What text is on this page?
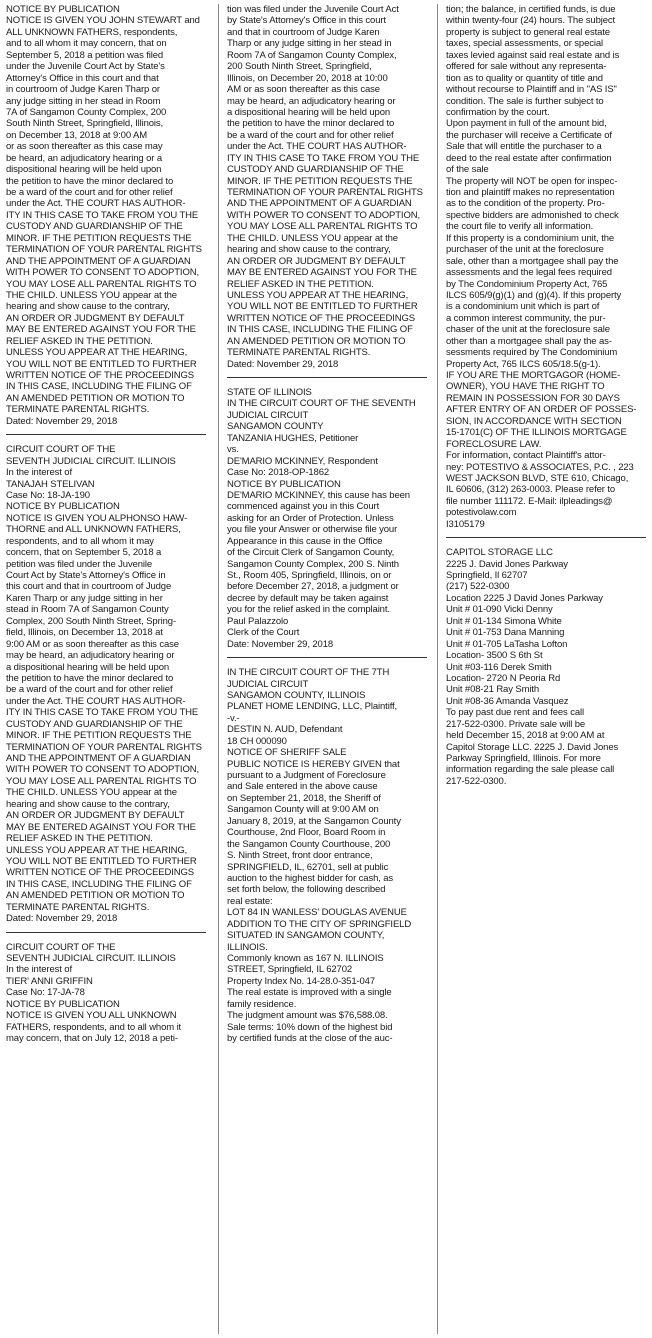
NOTICE BY PUBLICATION
NOTICE IS GIVEN YOU JOHN STEWART and
ALL UNKNOWN FATHERS, respondents,
and to all whom it may concern, that on
September 5, 2018 a petition was filed
under the Juvenile Court Act by State's
Attorney's Office in this court and that
in courtroom of Judge Karen Tharp or
any judge sitting in her stead in Room
7A of Sangamon County Complex, 200
South Ninth Street, Springfield, Illinois,
on December 13, 2018 at 9:00 AM
or as soon thereafter as this case may
be heard, an adjudicatory hearing or a
dispositional hearing will be held upon
the petition to have the minor declared to
be a ward of the court and for other relief
under the Act. THE COURT HAS AUTHOR-
ITY IN THIS CASE TO TAKE FROM YOU THE
CUSTODY AND GUARDIANSHIP OF THE
MINOR. IF THE PETITION REQUESTS THE
TERMINATION OF YOUR PARENTAL RIGHTS
AND THE APPOINTMENT OF A GUARDIAN
WITH POWER TO CONSENT TO ADOPTION,
YOU MAY LOSE ALL PARENTAL RIGHTS TO
THE CHILD. UNLESS YOU appear at the
hearing and show cause to the contrary,
AN ORDER OR JUDGMENT BY DEFAULT
MAY BE ENTERED AGAINST YOU FOR THE
RELIEF ASKED IN THE PETITION.
UNLESS YOU APPEAR AT THE HEARING,
YOU WILL NOT BE ENTITLED TO FURTHER
WRITTEN NOTICE OF THE PROCEEDINGS
IN THIS CASE, INCLUDING THE FILING OF
AN AMENDED PETITION OR MOTION TO
TERMINATE PARENTAL RIGHTS.
Dated: November 29, 2018
CIRCUIT COURT OF THE
SEVENTH JUDICIAL CIRCUIT. ILLINOIS
In the interest of
TANAJAH STELIVAN
Case No: 18-JA-190
NOTICE BY PUBLICATION
NOTICE IS GIVEN YOU ALPHONSO HAW-
THORNE and ALL UNKNOWN FATHERS,
respondents, and to all whom it may
concern, that on September 5, 2018 a
petition was filed under the Juvenile
Court Act by State's Attorney's Office in
this court and that in courtroom of Judge
Karen Tharp or any judge sitting in her
stead in Room 7A of Sangamon County
Complex, 200 South Ninth Street, Spring-
field, Illinois, on December 13, 2018 at
9:00 AM or as soon thereafter as this case
may be heard, an adjudicatory hearing or
a dispositional hearing will be held upon
the petition to have the minor declared to
be a ward of the court and for other relief
under the Act. THE COURT HAS AUTHOR-
ITY IN THIS CASE TO TAKE FROM YOU THE
CUSTODY AND GUARDIANSHIP OF THE
MINOR. IF THE PETITION REQUESTS THE
TERMINATION OF YOUR PARENTAL RIGHTS
AND THE APPOINTMENT OF A GUARDIAN
WITH POWER TO CONSENT TO ADOPTION,
YOU MAY LOSE ALL PARENTAL RIGHTS TO
THE CHILD. UNLESS YOU appear at the
hearing and show cause to the contrary,
AN ORDER OR JUDGMENT BY DEFAULT
MAY BE ENTERED AGAINST YOU FOR THE
RELIEF ASKED IN THE PETITION.
UNLESS YOU APPEAR AT THE HEARING,
YOU WILL NOT BE ENTITLED TO FURTHER
WRITTEN NOTICE OF THE PROCEEDINGS
IN THIS CASE, INCLUDING THE FILING OF
AN AMENDED PETITION OR MOTION TO
TERMINATE PARENTAL RIGHTS.
Dated: November 29, 2018
CIRCUIT COURT OF THE
SEVENTH JUDICIAL CIRCUIT. ILLINOIS
In the interest of
TIER' ANNI GRIFFIN
Case No: 17-JA-78
NOTICE BY PUBLICATION
NOTICE IS GIVEN YOU ALL UNKNOWN
FATHERS, respondents, and to all whom it
may concern, that on July 12, 2018 a peti-
tion was filed under the Juvenile Court Act
by State's Attorney's Office in this court
and that in courtroom of Judge Karen
Tharp or any judge sitting in her stead in
Room 7A of Sangamon County Complex,
200 South Ninth Street, Springfield,
Illinois, on December 20, 2018 at 10:00
AM or as soon thereafter as this case
may be heard, an adjudicatory hearing or
a dispositional hearing will be held upon
the petition to have the minor declared to
be a ward of the court and for other relief
under the Act. THE COURT HAS AUTHOR-
ITY IN THIS CASE TO TAKE FROM YOU THE
CUSTODY AND GUARDIANSHIP OF THE
MINOR. IF THE PETITION REQUESTS THE
TERMINATION OF YOUR PARENTAL RIGHTS
AND THE APPOINTMENT OF A GUARDIAN
WITH POWER TO CONSENT TO ADOPTION,
YOU MAY LOSE ALL PARENTAL RIGHTS TO
THE CHILD. UNLESS YOU appear at the
hearing and show cause to the contrary,
AN ORDER OR JUDGMENT BY DEFAULT
MAY BE ENTERED AGAINST YOU FOR THE
RELIEF ASKED IN THE PETITION.
UNLESS YOU APPEAR AT THE HEARING,
YOU WILL NOT BE ENTITLED TO FURTHER
WRITTEN NOTICE OF THE PROCEEDINGS
IN THIS CASE, INCLUDING THE FILING OF
AN AMENDED PETITION OR MOTION TO
TERMINATE PARENTAL RIGHTS.
Dated: November 29, 2018
STATE OF ILLINOIS
IN THE CIRCUIT COURT OF THE SEVENTH
JUDICIAL CIRCUIT
SANGAMON COUNTY
TANZANIA HUGHES, Petitioner
vs.
DE'MARIO MCKINNEY, Respondent
Case No: 2018-OP-1862
NOTICE BY PUBLICATION
DE'MARIO MCKINNEY, this cause has been
commenced against you in this Court
asking for an Order of Protection. Unless
you file your Answer or otherwise file your
Appearance in this cause in the Office
of the Circuit Clerk of Sangamon County,
Sangamon County Complex, 200 S. Ninth
St., Room 405, Springfield, Illinois, on or
before December 27, 2018, a judgment or
decree by default may be taken against
you for the relief asked in the complaint.
Paul Palazzolo
Clerk of the Court
Date: November 29, 2018
IN THE CIRCUIT COURT OF THE 7TH
JUDICIAL CIRCUIT
SANGAMON COUNTY, ILLINOIS
PLANET HOME LENDING, LLC, Plaintiff,
-v.-
DESTIN N. AUD, Defendant
18 CH 000090
NOTICE OF SHERIFF SALE
PUBLIC NOTICE IS HEREBY GIVEN that
pursuant to a Judgment of Foreclosure
and Sale entered in the above cause
on September 21, 2018, the Sheriff of
Sangamon County will at 9:00 AM on
January 8, 2019, at the Sangamon County
Courthouse, 2nd Floor, Board Room in
the Sangamon County Courthouse, 200
S. Ninth Street, front door entrance,
SPRINGFIELD, IL, 62701, sell at public
auction to the highest bidder for cash, as
set forth below, the following described
real estate:
LOT 84 IN WANLESS' DOUGLAS AVENUE
ADDITION TO THE CITY OF SPRINGFIELD
SITUATED IN SANGAMON COUNTY,
ILLINOIS.
Commonly known as 167 N. ILLINOIS
STREET, Springfield, IL 62702
Property Index No. 14-28.0-351-047
The real estate is improved with a single
family residence.
The judgment amount was $76,588.08.
Sale terms: 10% down of the highest bid
by certified funds at the close of the auc-
tion; the balance, in certified funds, is due
within twenty-four (24) hours. The subject
property is subject to general real estate
taxes, special assessments, or special
taxes levied against said real estate and is
offered for sale without any representa-
tion as to quality or quantity of title and
without recourse to Plaintiff and in "AS IS"
condition. The sale is further subject to
confirmation by the court.
Upon payment in full of the amount bid,
the purchaser will receive a Certificate of
Sale that will entitle the purchaser to a
deed to the real estate after confirmation
of the sale
The property will NOT be open for inspec-
tion and plaintiff makes no representation
as to the condition of the property. Pro-
spective bidders are admonished to check
the court file to verify all information.
If this property is a condominium unit, the
purchaser of the unit at the foreclosure
sale, other than a mortgagee shall pay the
assessments and the legal fees required
by The Condominium Property Act, 765
ILCS 605/9(g)(1) and (g)(4). If this property
is a condominium unit which is part of
a common interest community, the pur-
chaser of the unit at the foreclosure sale
other than a mortgagee shall pay the as-
sessments required by The Condominium
Property Act, 765 ILCS 605/18.5(g-1).
IF YOU ARE THE MORTGAGOR (HOME-
OWNER), YOU HAVE THE RIGHT TO
REMAIN IN POSSESSION FOR 30 DAYS
AFTER ENTRY OF AN ORDER OF POSSES-
SION, IN ACCORDANCE WITH SECTION
15-1701(C) OF THE ILLINOIS MORTGAGE
FORECLOSURE LAW.
For information, contact Plaintiff's attor-
ney: POTESTIVO & ASSOCIATES, P.C. , 223
WEST JACKSON BLVD, STE 610, Chicago,
IL 60606, (312) 263-0003. Please refer to
file number 111172. E-Mail: ilpleadings@
potestivolaw.com
I3105179
CAPITOL STORAGE LLC
2225 J. David Jones Parkway
Springfield, Il 62707
(217) 522-0300
Location 2225 J David Jones Parkway
Unit # 01-090 Vicki Denny
Unit # 01-134 Simona White
Unit # 01-753 Dana Manning
Unit # 01-705 LaTasha Lofton
Location- 3500 S 6th St
Unit #03-116 Derek Smith
Location- 2720 N Peoria Rd
Unit #08-21 Ray Smith
Unit #08-36 Amanda Vasquez
To pay past due rent and fees call
217-522-0300. Private sale will be
held December 15, 2018 at 9:00 AM at
Capitol Storage LLC. 2225 J. David Jones
Parkway Springfield, Illinois. For more
information regarding the sale please call
217-522-0300.
